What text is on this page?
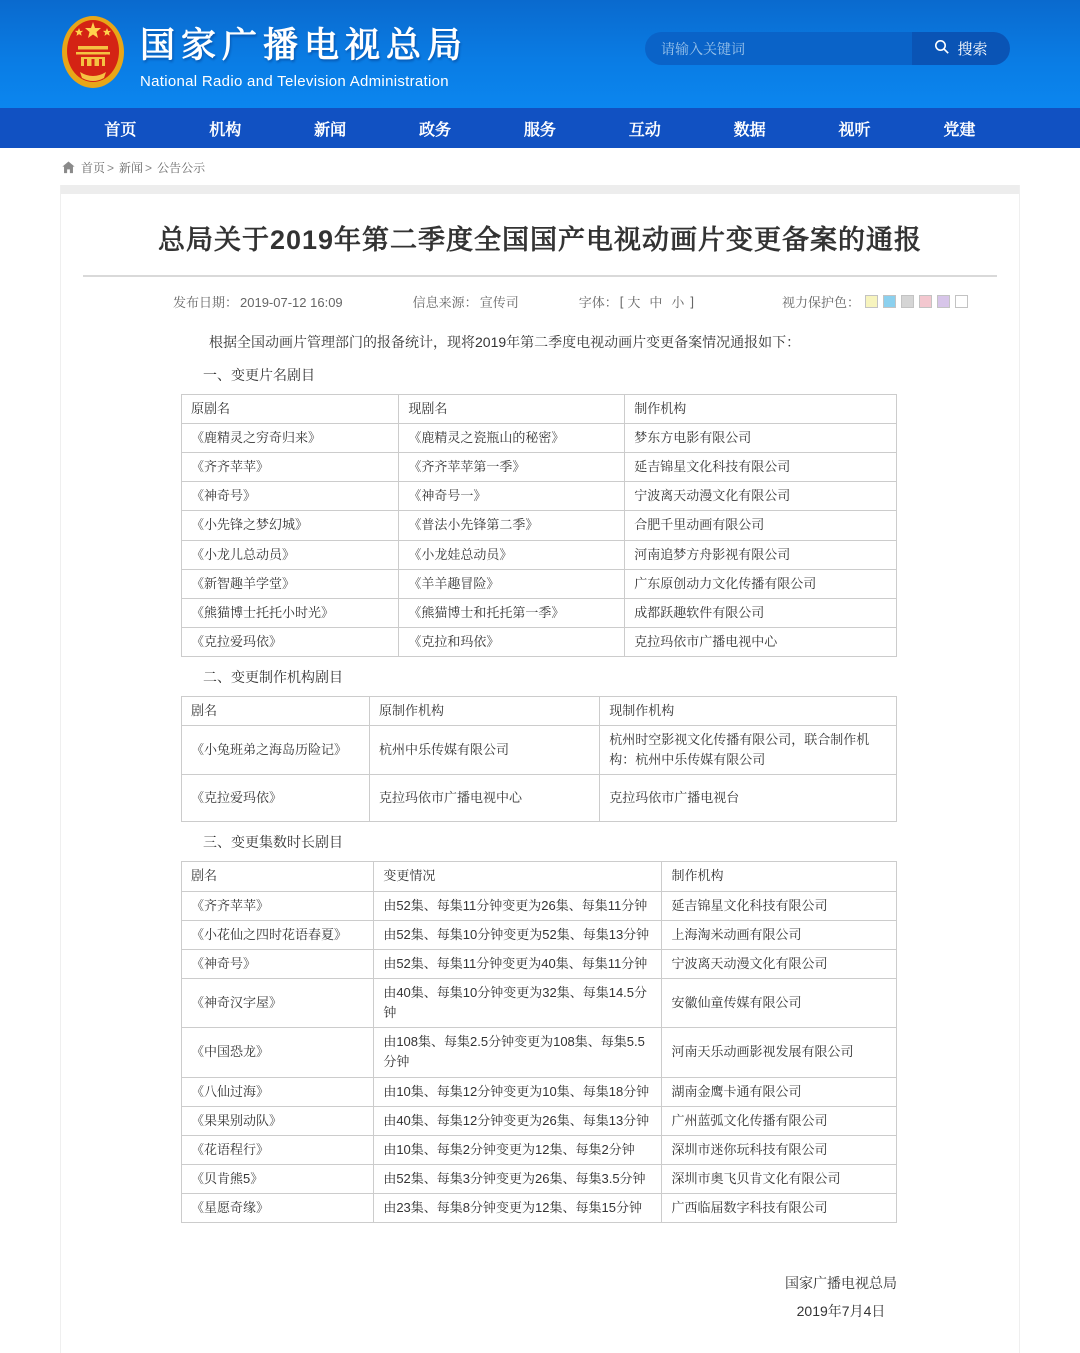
国家广播电视总局
National Radio and Television Administration
请输入关键词
搜索
首页	机构	新闻	政务	服务	互动	数据	视听	党建
首页 > 新闻 > 公告公示
总局关于2019年第二季度全国国产电视动画片变更备案的通报
发布日期： 2019-07-12 16:09	信息来源： 宣传司	字体： [ 大 中 小 ]	视力保护色：

根据全国动画片管理部门的报备统计，现将2019年第二季度电视动画片变更备案情况通报如下：

一、变更片名剧目
原剧名	现剧名	制作机构
《鹿精灵之穷奇归来》	《鹿精灵之瓷瓶山的秘密》	梦东方电影有限公司
《齐齐苹苹》	《齐齐苹苹第一季》	延吉锦星文化科技有限公司
《神奇号》	《神奇号一》	宁波离天动漫文化有限公司
《小先锋之梦幻城》	《普法小先锋第二季》	合肥千里动画有限公司
《小龙儿总动员》	《小龙娃总动员》	河南追梦方舟影视有限公司
《新智趣羊学堂》	《羊羊趣冒险》	广东原创动力文化传播有限公司
《熊猫博士托托小时光》	《熊猫博士和托托第一季》	成都跃趣软件有限公司
《克拉爱玛依》	《克拉和玛依》	克拉玛依市广播电视中心
二、变更制作机构剧目
剧名	原制作机构	现制作机构
《小兔班弟之海岛历险记》	杭州中乐传媒有限公司	杭州时空影视文化传播有限公司，联合制作机构：杭州中乐传媒有限公司
《克拉爱玛依》	克拉玛依市广播电视中心	克拉玛依市广播电视台
三、变更集数时长剧目
剧名	变更情况	制作机构
《齐齐苹苹》	由52集、每集11分钟变更为26集、每集11分钟	延吉锦星文化科技有限公司
《小花仙之四时花语春夏》	由52集、每集10分钟变更为52集、每集13分钟	上海淘米动画有限公司
《神奇号》	由52集、每集11分钟变更为40集、每集11分钟	宁波离天动漫文化有限公司
《神奇汉字屋》	由40集、每集10分钟变更为32集、每集14.5分钟	安徽仙童传媒有限公司
《中国恐龙》	由108集、每集2.5分钟变更为108集、每集5.5分钟	河南天乐动画影视发展有限公司
《八仙过海》	由10集、每集12分钟变更为10集、每集18分钟	湖南金鹰卡通有限公司
《果果别动队》	由40集、每集12分钟变更为26集、每集13分钟	广州蓝弧文化传播有限公司
《花语程行》	由10集、每集2分钟变更为12集、每集2分钟	深圳市迷你玩科技有限公司
《贝肯熊5》	由52集、每集3分钟变更为26集、每集3.5分钟	深圳市奥飞贝肯文化有限公司
《星愿奇缘》	由23集、每集8分钟变更为12集、每集15分钟	广西临届数字科技有限公司
国家广播电视总局
2019年7月4日
